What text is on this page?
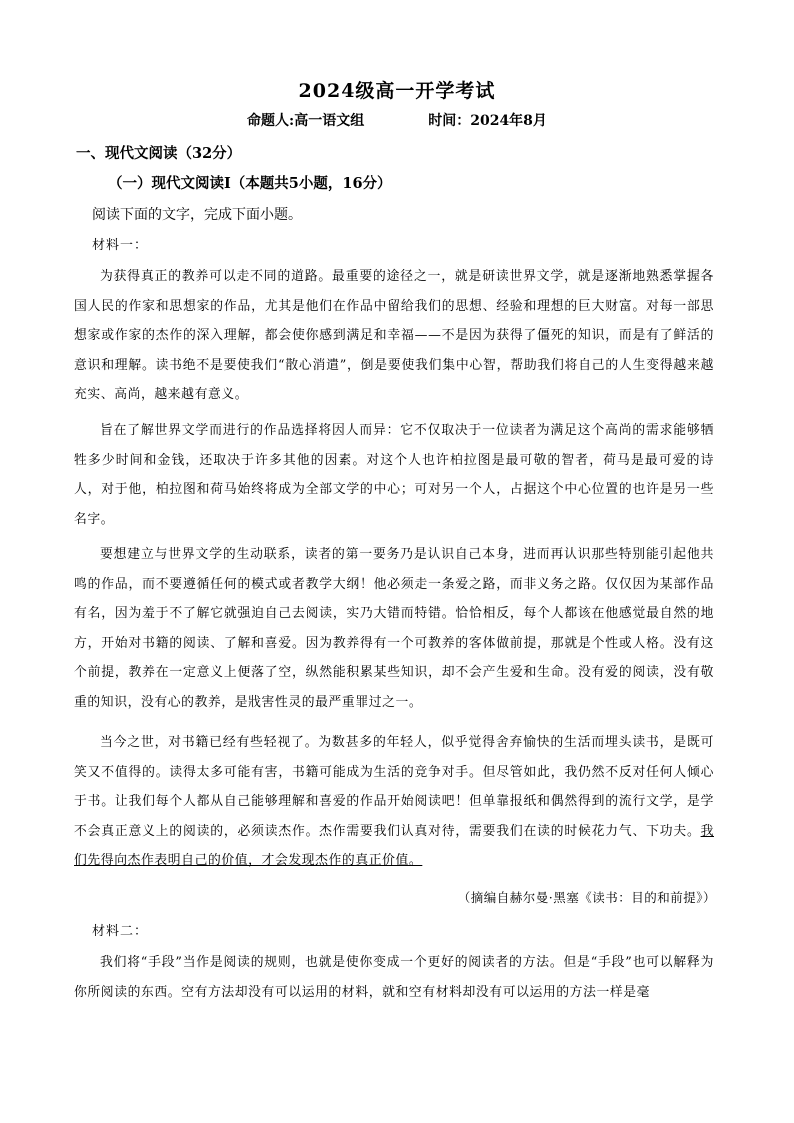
2024级高一开学考试
命题人:高一语文组	时间：2024年8月
一、现代文阅读（32分）
（一）现代文阅读Ⅰ（本题共5小题，16分）
阅读下面的文字，完成下面小题。
材料一：
为获得真正的教养可以走不同的道路。最重要的途径之一，就是研读世界文学，就是逐渐地熟悉掌握各国人民的作家和思想家的作品，尤其是他们在作品中留给我们的思想、经验和理想的巨大财富。对每一部思想家或作家的杰作的深入理解，都会使你感到满足和幸福——不是因为获得了僵死的知识，而是有了鲜活的意识和理解。读书绝不是要使我们“散心消遣”，倒是要使我们集中心智，帮助我们将自己的人生变得越来越充实、高尚，越来越有意义。
旨在了解世界文学而进行的作品选择将因人而异：它不仅取决于一位读者为满足这个高尚的需求能够牺牲多少时间和金钱，还取决于许多其他的因素。对这个人也许柏拉图是最可敬的智者，荷马是最可爱的诗人，对于他，柏拉图和荷马始终将成为全部文学的中心；可对另一个人，占据这个中心位置的也许是另一些名字。
要想建立与世界文学的生动联系，读者的第一要务乃是认识自己本身，进而再认识那些特别能引起他共鸣的作品，而不要遵循任何的模式或者教学大纲！他必须走一条爱之路，而非义务之路。仅仅因为某部作品有名，因为羞于不了解它就强迫自己去阅读，实乃大错而特错。恰恰相反，每个人都该在他感觉最自然的地方，开始对书籍的阅读、了解和喜爱。因为教养得有一个可教养的客体做前提，那就是个性或人格。没有这个前提，教养在一定意义上便落了空，纵然能积累某些知识，却不会产生爱和生命。没有爱的阅读，没有敬重的知识，没有心的教养，是戕害性灵的最严重罪过之一。
当今之世，对书籍已经有些轻视了。为数甚多的年轻人，似乎觉得舍弃愉快的生活而埋头读书，是既可笑又不值得的。读得太多可能有害，书籍可能成为生活的竞争对手。但尽管如此，我仍然不反对任何人倾心于书。让我们每个人都从自己能够理解和喜爱的作品开始阅读吧！但单靠报纸和偶然得到的流行文学，是学不会真正意义上的阅读的，必须读杰作。杰作需要我们认真对待，需要我们在读的时候花力气、下功夫。我们先得向杰作表明自己的价值，才会发现杰作的真正价值。
（摘编自赫尔曼·黑塞《读书：目的和前提》）
材料二：
我们将“手段”当作是阅读的规则，也就是使你变成一个更好的阅读者的方法。但是“手段”也可以解释为你所阅读的东西。空有方法却没有可以运用的材料，就和空有材料却没有可以运用的方法一样是毫
